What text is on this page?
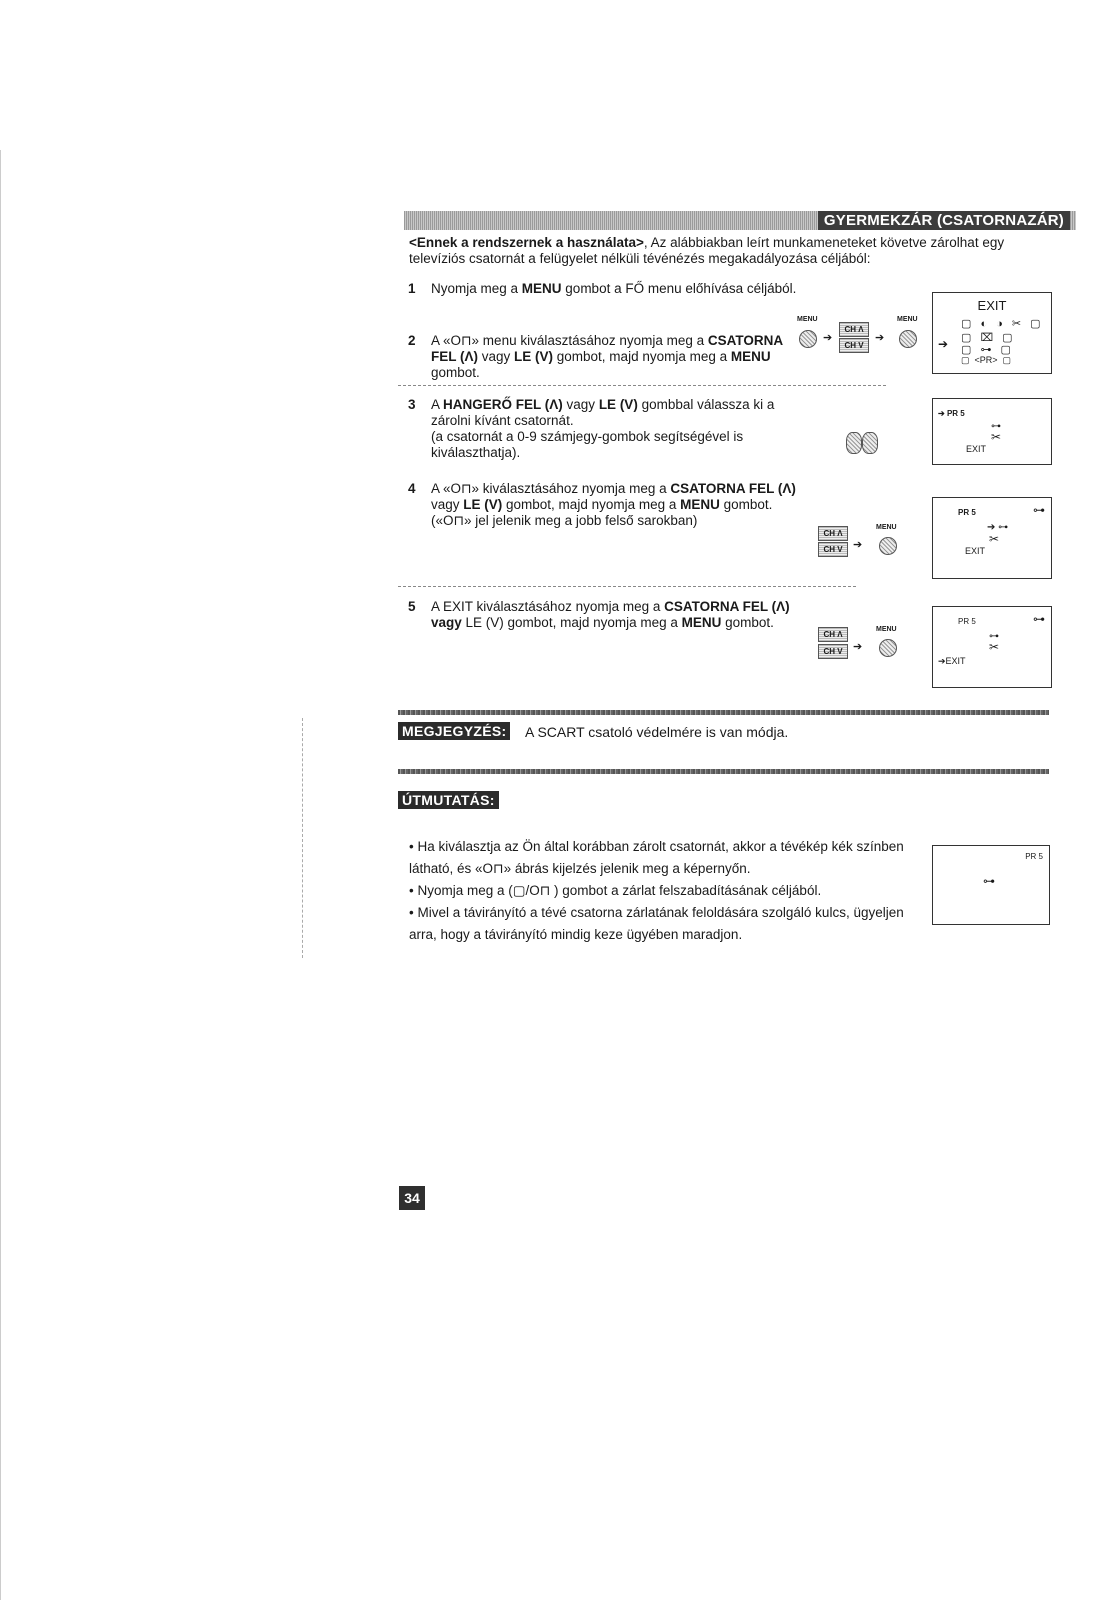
GYERMEKZÁR (CSATORNAZÁR)
<Ennek a rendszernek a használata>, Az alábbiakban leírt munkameneteket követve zárolhat egy televíziós csatornát a felügyelet nélküli tévénézés megakadályozása céljából:
1 Nyomja meg a MENU gombot a FŐ menu előhívása céljából.
2 A «O⊓» menu kiválasztásához nyomja meg a CSATORNA FEL (Λ) vagy LE (V) gombot, majd nyomja meg a MENU gombot.
MENU
➔
CH Λ
CH V
➔
MENU
EXIT
▢ ◐ ◑ ✂ ▢
➔ ▢ ⌧ ▢
▢ ⊶ ▢
▢  <PR>  ▢
3 A HANGERŐ FEL (Λ) vagy LE (V) gombbal válassza ki a zárolni kívánt csatornát.
(a csatornát a 0-9 számjegy-gombok segítségével is kiválaszthatja).
➔ PR 5
⊶
✂
EXIT
4 A «O⊓» kiválasztásához nyomja meg a CSATORNA FEL (Λ) vagy LE (V) gombot, majd nyomja meg a MENU gombot.
(«O⊓» jel jelenik meg a jobb felső sarokban)
CH Λ
CH V ➔
MENU
PR 5	⊶
➔ ⊶
✂
EXIT
5 A EXIT kiválasztásához nyomja meg a CSATORNA FEL (Λ) vagy LE (V) gombot, majd nyomja meg a MENU gombot.
CH Λ
CH V ➔
MENU
PR 5	⊶
⊶
✂
➔EXIT
MEGJEGYZÉS: A SCART csatoló védelmére is van módja.
ÚTMUTATÁS:
• Ha kiválasztja az Ön által korábban zárolt csatornát, akkor a tévékép kék színben látható, és «O⊓» ábrás kijelzés jelenik meg a képernyőn.
• Nyomja meg a (▢/O⊓ ) gombot a zárlat felszabadításának céljából.
• Mivel a távirányító a tévé csatorna zárlatának feloldására szolgáló kulcs, ügyeljen arra, hogy a távirányító mindig keze ügyében maradjon.
PR 5
⊶
34
